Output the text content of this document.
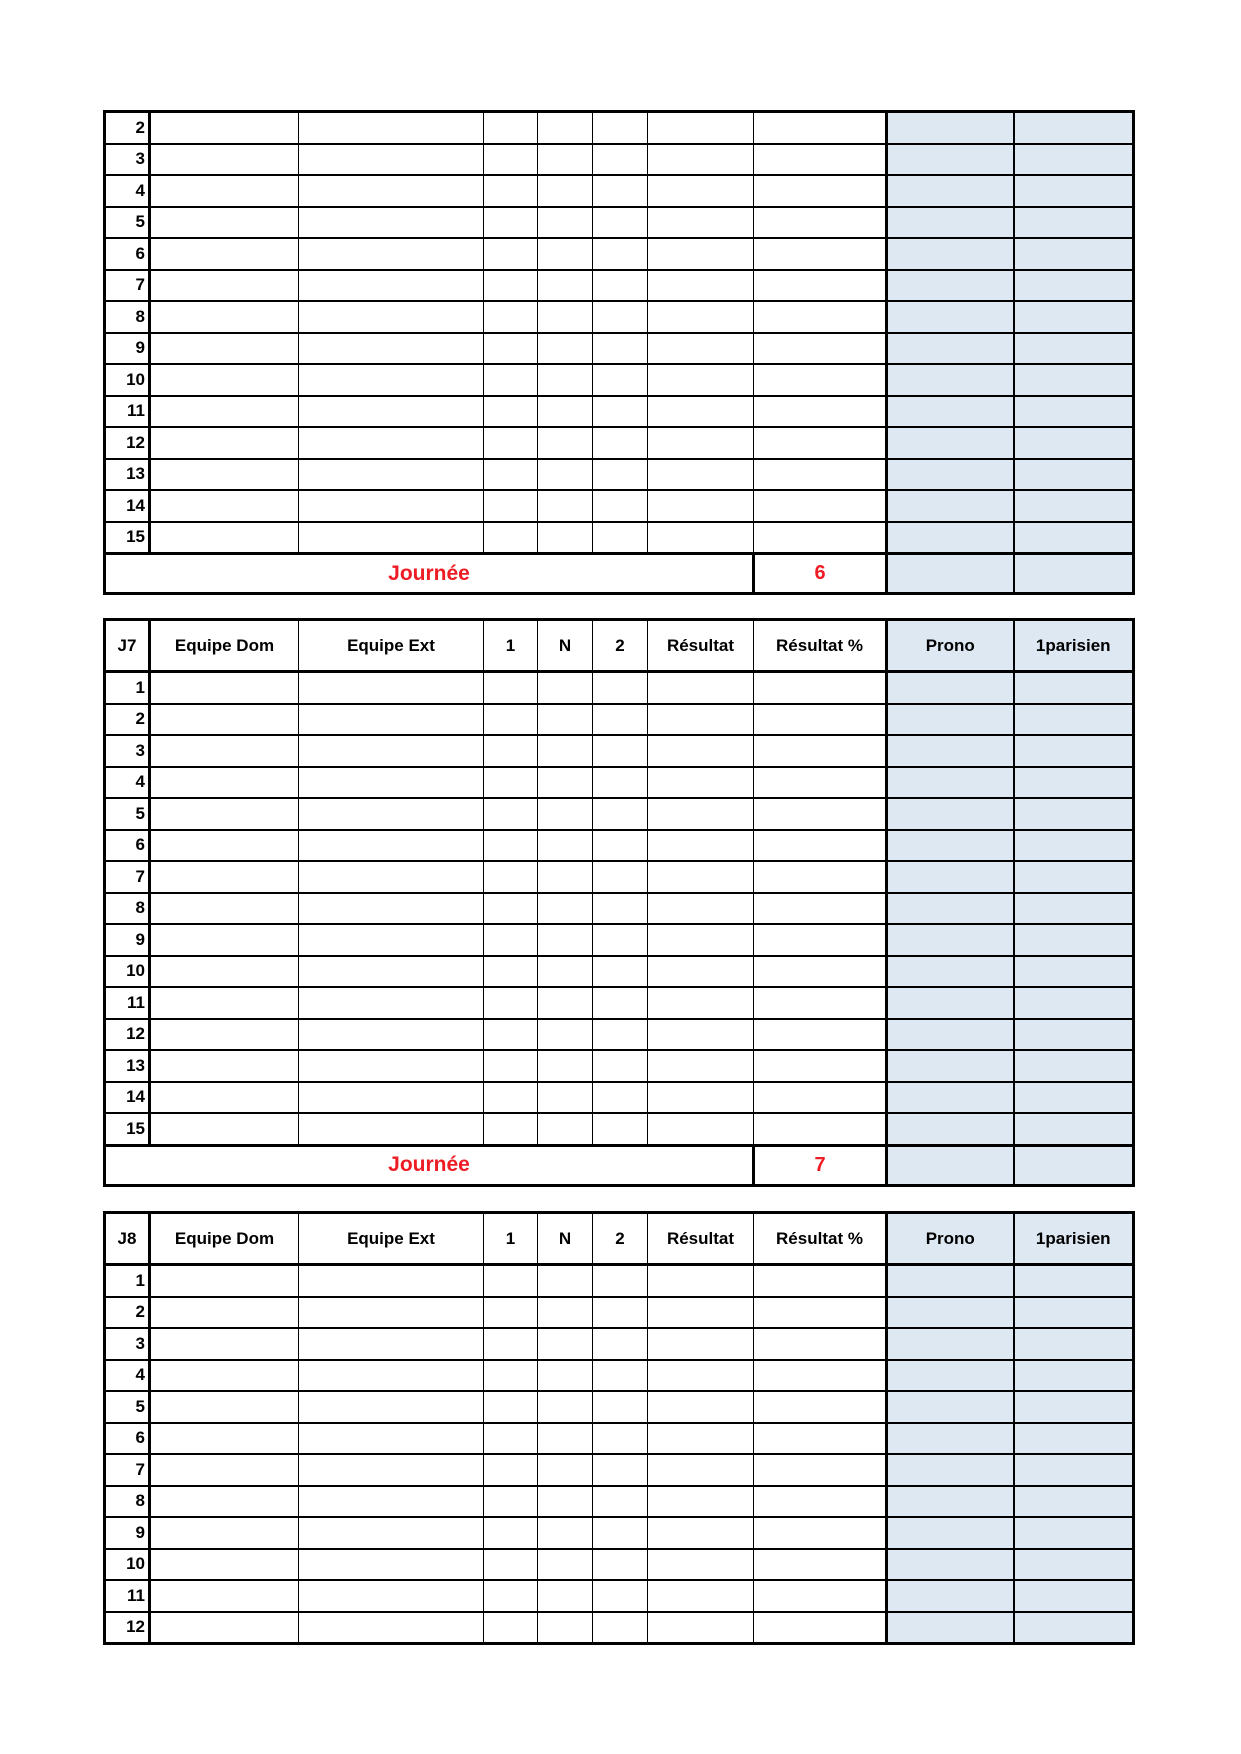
2									
3									
4									
5									
6									
7									
8									
9									
10									
11									
12									
13									
14									
15									
Journée							6		
J7	Equipe Dom	Equipe Ext	1	N	2	Résultat	Résultat %	Prono	1parisien
1									
2									
3									
4									
5									
6									
7									
8									
9									
10									
11									
12									
13									
14									
15									
Journée							7		
J8	Equipe Dom	Equipe Ext	1	N	2	Résultat	Résultat %	Prono	1parisien
1									
2									
3									
4									
5									
6									
7									
8									
9									
10									
11									
12									
